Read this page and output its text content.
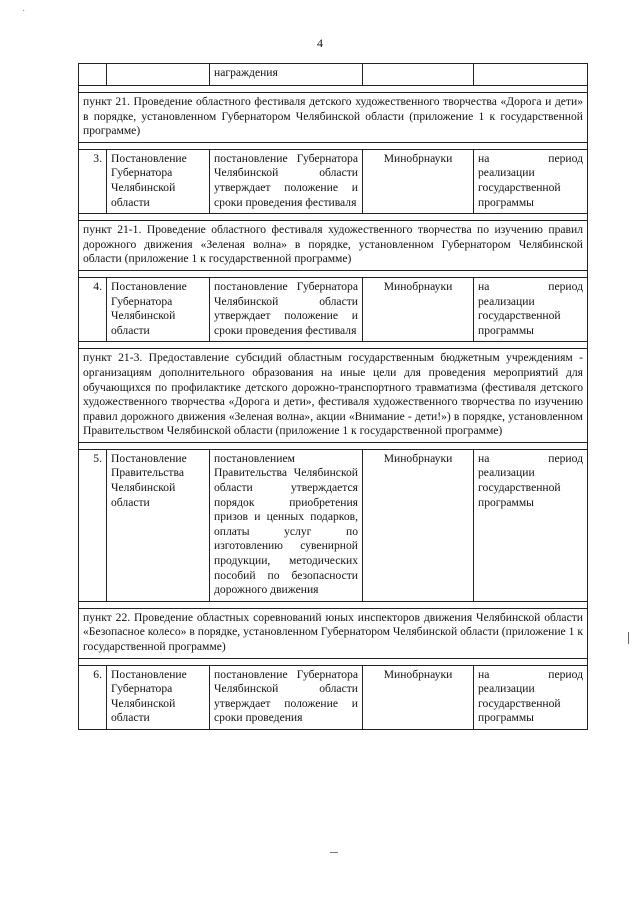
·
4
		награждения		

пункт 21. Проведение областного фестиваля детского художественного творчества «Дорога и дети» в порядке, установленном Губернатором Челябинской области (приложение 1 к государственной программе)				

3.	Постановление Губернатора Челябинской области	постановление Губернатора Челябинской области утверждает положение и сроки проведения фестиваля	Минобрнауки	на период
реализации государственной программы

пункт 21-1. Проведение областного фестиваля художественного творчества по изучению правил дорожного движения «Зеленая волна» в порядке, установленном Губернатором Челябинской области (приложение 1 к государственной программе)				

4.	Постановление Губернатора Челябинской области	постановление Губернатора Челябинской области утверждает положение и сроки проведения фестиваля	Минобрнауки	на период
реализации государственной программы

пункт 21-3. Предоставление субсидий областным государственным бюджетным учреждениям - организациям дополнительного образования на иные цели для проведения мероприятий для обучающихся по профилактике детского дорожно-транспортного травматизма (фестиваля детского художественного творчества «Дорога и дети», фестиваля художественного творчества по изучению правил дорожного движения «Зеленая волна», акции «Внимание - дети!») в порядке, установленном Правительством Челябинской области (приложение 1 к государственной программе)				

5.	Постановление Правительства Челябинской области	постановлением Правительства Челябинской области утверждается порядок приобретения призов и ценных подарков, оплаты услуг по изготовлению сувенирной продукции, методических пособий по безопасности дорожного движения	Минобрнауки	на период
реализации государственной программы

пункт 22. Проведение областных соревнований юных инспекторов движения Челябинской области «Безопасное колесо» в порядке, установленном Губернатором Челябинской области (приложение 1 к государственной программе)				

6.	Постановление Губернатора Челябинской области	постановление Губернатора Челябинской области утверждает положение и сроки проведения	Минобрнауки	на период
реализации государственной программы
